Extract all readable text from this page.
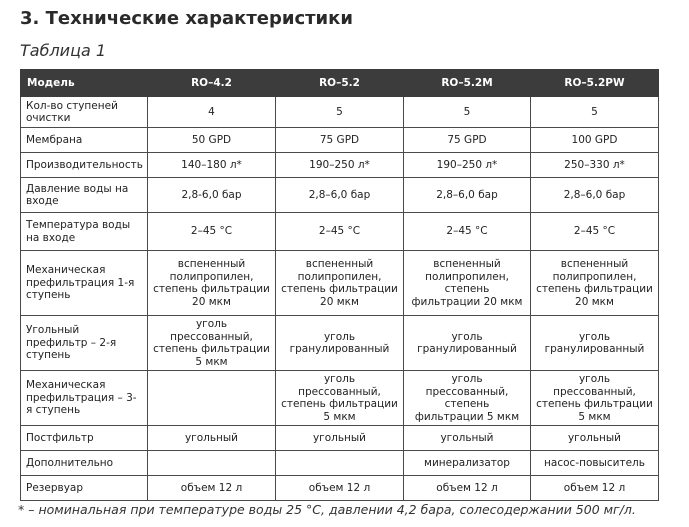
3. Технические характеристики
Таблица 1
Модель	RO–4.2	RO–5.2	RO–5.2M	RO–5.2PW
Кол-во ступеней очистки	4	5	5	5
Мембрана	50 GPD	75 GPD	75 GPD	100 GPD
Производительность	140–180 л*	190–250 л*	190–250 л*	250–330 л*
Давление воды на входе	2,8-6,0 бар	2,8–6,0 бар	2,8–6,0 бар	2,8–6,0 бар
Температура воды на входе	2–45 °C	2–45 °C	2–45 °C	2–45 °C
Механическая префильтрация 1-я ступень	вспененный полипропилен, степень фильтрации 20 мкм	вспененный полипропилен, степень фильтрации 20 мкм	вспененный полипропилен, степень фильтрации 20 мкм	вспененный полипропилен, степень фильтрации 20 мкм
Угольный префильтр – 2-я ступень	уголь прессованный, степень фильтрации 5 мкм	уголь гранулированный	уголь гранулированный	уголь гранулированный
Механическая префильтрация – 3-я ступень		уголь прессованный, степень фильтрации 5 мкм	уголь прессованный, степень фильтрации 5 мкм	уголь прессованный, степень фильтрации 5 мкм
Постфильтр	угольный	угольный	угольный	угольный
Дополнительно			минерализатор	насос-повыситель
Резервуар	объем 12 л	объем 12 л	объем 12 л	объем 12 л
* – номинальная при температуре воды 25 °C, давлении 4,2 бара, солесодержании 500 мг/л.
